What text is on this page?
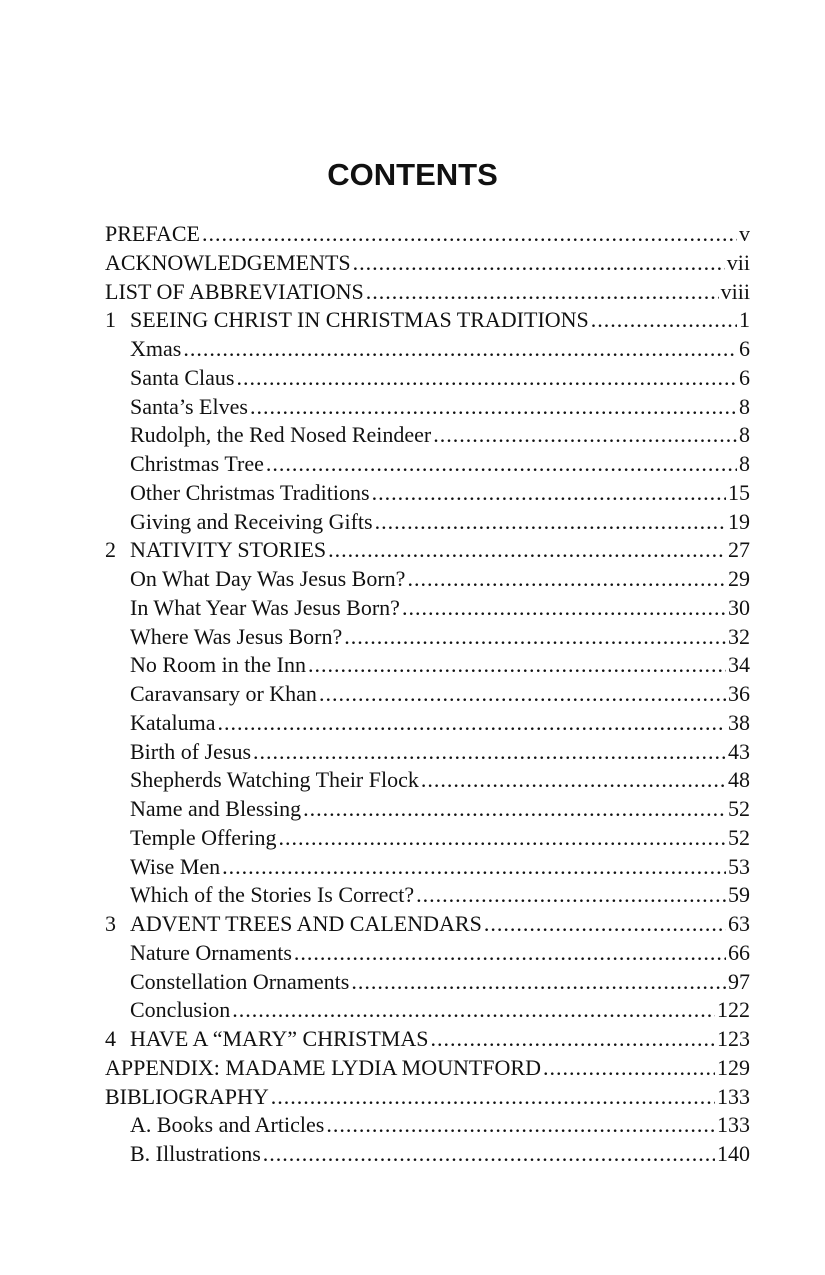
CONTENTS
PREFACE .....	v
ACKNOWLEDGEMENTS .....	vii
LIST OF ABBREVIATIONS .....	viii
1 SEEING CHRIST IN CHRISTMAS TRADITIONS .....	1
Xmas .....	6
Santa Claus .....	6
Santa’s Elves .....	8
Rudolph, the Red Nosed Reindeer .....	8
Christmas Tree .....	8
Other Christmas Traditions .....	15
Giving and Receiving Gifts .....	19
2 NATIVITY STORIES .....	27
On What Day Was Jesus Born? .....	29
In What Year Was Jesus Born? .....	30
Where Was Jesus Born? .....	32
No Room in the Inn .....	34
Caravansary or Khan .....	36
Kataluma .....	38
Birth of Jesus .....	43
Shepherds Watching Their Flock .....	48
Name and Blessing .....	52
Temple Offering .....	52
Wise Men .....	53
Which of the Stories Is Correct? .....	59
3 ADVENT TREES AND CALENDARS .....	63
Nature Ornaments .....	66
Constellation Ornaments .....	97
Conclusion .....	122
4 HAVE A “MARY” CHRISTMAS .....	123
APPENDIX: MADAME LYDIA MOUNTFORD .....	129
BIBLIOGRAPHY .....	133
A. Books and Articles .....	133
B. Illustrations .....	140
